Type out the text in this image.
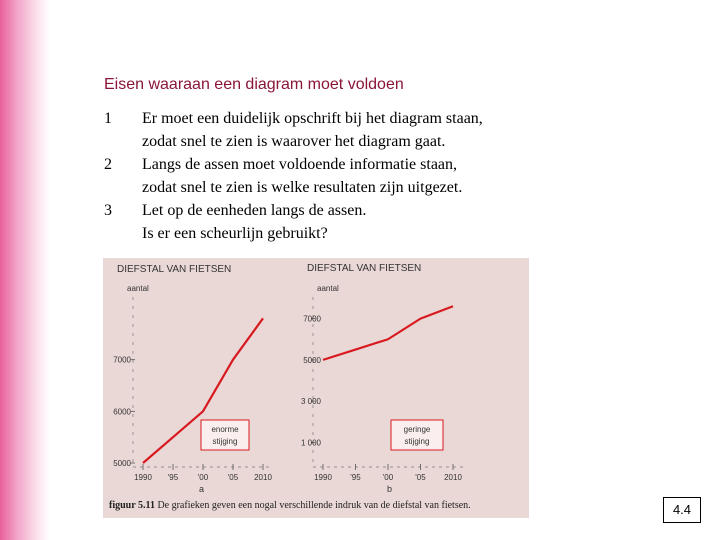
Eisen waaraan een diagram moet voldoen
1	Er moet een duidelijk opschrift bij het diagram staan,
zodat snel te zien is waarover het diagram gaat.
2	Langs de assen moet voldoende informatie staan,
zodat snel te zien is welke resultaten zijn uitgezet.
3	Let op de eenheden langs de assen.
Is er een scheurlijn gebruikt?
DIEFSTAL VAN FIETSEN
aantal
5000
6000
7000
1990 '95 '00 '05 2010
a
enorme
stijging
DIEFSTAL VAN FIETSEN
aantal
1 000
3 000
5000
7000
1990 '95	'00	'05 2010
b
geringe
stijging
figuur 5.11 De grafieken geven een nogal verschillende indruk van de diefstal van fietsen.	4.4
